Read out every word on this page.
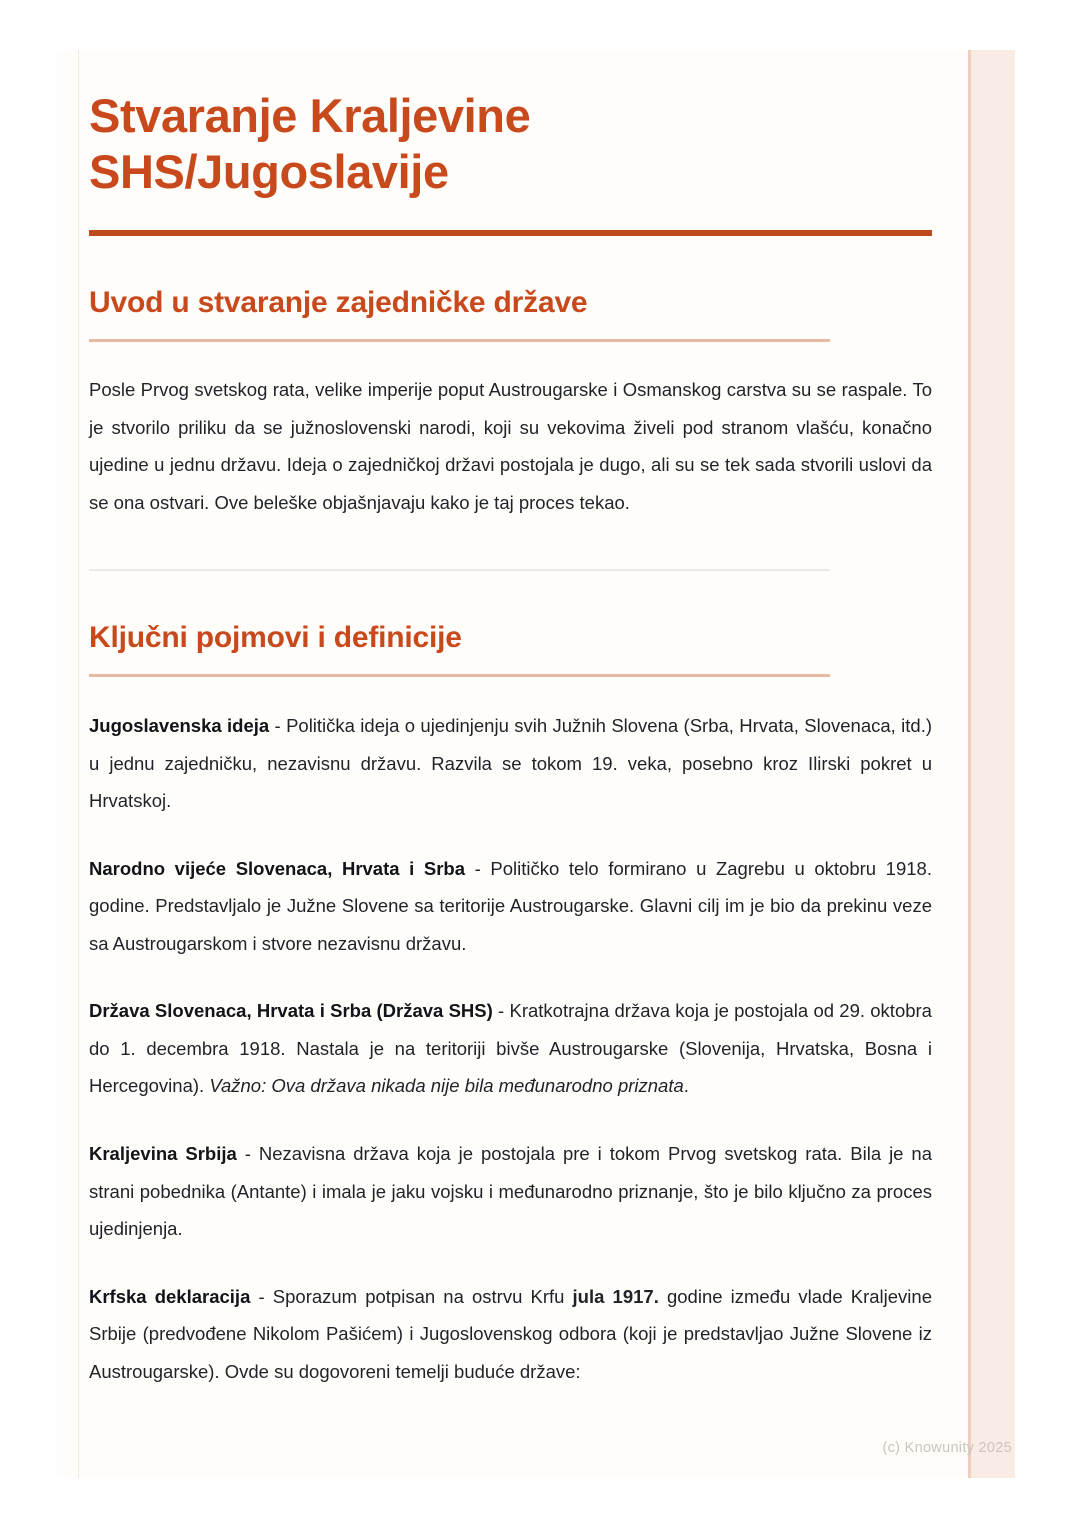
Stvaranje Kraljevine
SHS/Jugoslavije
Uvod u stvaranje zajedničke države

Posle Prvog svetskog rata, velike imperije poput Austrougarske i Osmanskog carstva su se raspale. To je stvorilo priliku da se južnoslovenski narodi, koji su vekovima živeli pod stranom vlašću, konačno ujedine u jednu državu. Ideja o zajedničkoj državi postojala je dugo, ali su se tek sada stvorili uslovi da se ona ostvari. Ove beleške objašnjavaju kako je taj proces tekao.

Ključni pojmovi i definicije

Jugoslavenska ideja - Politička ideja o ujedinjenju svih Južnih Slovena (Srba, Hrvata, Slovenaca, itd.) u jednu zajedničku, nezavisnu državu. Razvila se tokom 19. veka, posebno kroz Ilirski pokret u Hrvatskoj.

Narodno vijeće Slovenaca, Hrvata i Srba - Političko telo formirano u Zagrebu u oktobru 1918. godine. Predstavljalo je Južne Slovene sa teritorije Austrougarske. Glavni cilj im je bio da prekinu veze sa Austrougarskom i stvore nezavisnu državu.

Država Slovenaca, Hrvata i Srba (Država SHS) - Kratkotrajna država koja je postojala od 29. oktobra do 1. decembra 1918. Nastala je na teritoriji bivše Austrougarske (Slovenija, Hrvatska, Bosna i Hercegovina). Važno: Ova država nikada nije bila međunarodno priznata.

Kraljevina Srbija - Nezavisna država koja je postojala pre i tokom Prvog svetskog rata. Bila je na strani pobednika (Antante) i imala je jaku vojsku i međunarodno priznanje, što je bilo ključno za proces ujedinjenja.

Krfska deklaracija - Sporazum potpisan na ostrvu Krfu jula 1917. godine između vlade Kraljevine Srbije (predvođene Nikolom Pašićem) i Jugoslovenskog odbora (koji je predstavljao Južne Slovene iz Austrougarske). Ovde su dogovoreni temelji buduće države:

(c) Knowunity 2025
